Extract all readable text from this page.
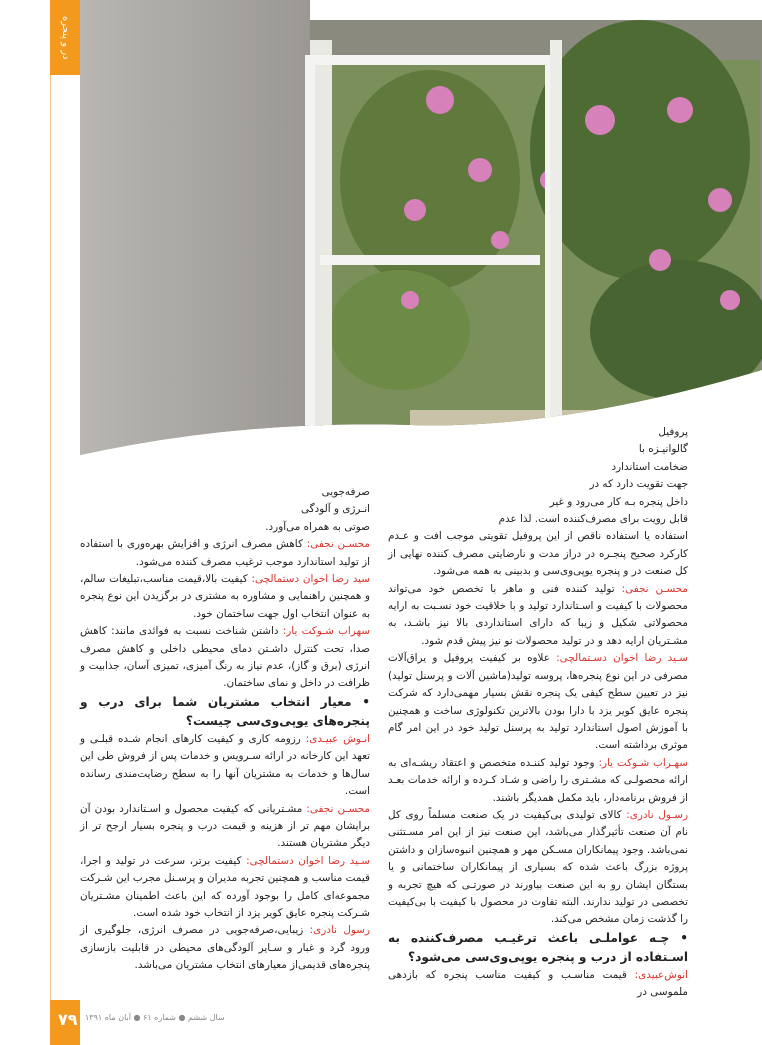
در و پنجره

پروفیل

گالوانیـزه با

ضخامت استاندارد

جهت تقویت دارد که در

داخل پنجره بـه کار می‌رود و غیر

قابل رویت برای مصرف‌کننده است. لذا عدم

استفاده یا استفاده ناقص از این پروفیل تقویتی موجب افت و عـدم کارکرد صحیح پنجـره در دراز مدت و نارضایتی مصرف کننده نهایی از کل صنعت در و پنجره یوپی‌وی‌سی و بدبینی به همه می‌شود.

محسـن نجفی: تولید کننده فنی و ماهر با تخصص خود می‌تواند محصولات با کیفیت و اسـتاندارد تولید و با خلاقیت خود نسـبت به ارایه محصولاتی شکیل و زیبا که دارای استانداردی بالا نیز باشـد، به مشـتریان ارایه دهد و در تولید محصولات نو نیز پیش قدم شود.

سـید رضا اخوان دسـتمالچی: علاوه بر کیفیت پروفیل و یراق‌آلات مصرفی در این نوع پنجره‌ها، پروسه تولید(ماشین آلات و پرسنل تولید) نیز در تعیین سطح کیفی یک پنجره نقش بسیار مهمی‌دارد که شرکت پنجره عایق کویر یزد با دارا بودن بالاترین تکنولوژی ساخت و همچنین با آموزش اصول استاندارد تولید به پرسنل تولید خود در این امر گام موثری برداشته است.

سهـراب شـوکت یار: وجود تولید کننـده متخصص و اعتقاد ریشـه‌ای به ارائه محصولـی که مشـتری را راضی و شـاد کـرده و ارائه خدمات بعـد از فروش برنامه‌دار، باید مکمل همدیگر باشند.

رسـول نادری: کالای تولیدی بی‌کیفیت در یک صنعت مسلماً روی کل نام آن صنعت تأثیرگذار می‌باشد، این صنعت نیز از این امر مسـتثنی نمی‌باشد. وجود پیمانکاران مسـکن مهر و همچنین انبوه‌سازان و داشتن پروژه بزرگ باعث شده که بسیاری از پیمانکاران ساختمانی و یا بستگان ایشان رو به این صنعت بیاورند در صورتـی که هیچ تجربه و تخصصی در تولید ندارند. البته تفاوت در محصول با کیفیت با بی‌کیفیت را گذشت زمان مشخص می‌کند.

• چـه عواملـی باعث ترغیـب مصرف‌کننده به اسـتفاده از درب و پنجره یوپی‌وی‌سی می‌شود؟

انوش‌عبیدی: قیمت مناسـب و کیفیت مناسب پنجره که بازدهی ملموسی در

صرفه‌جویی

انـرژی و آلودگی

صوتی به همراه می‌آورد.

محسـن نجفی: کاهش مصرف انرژی و افزایش بهره‌وری با استفاده از تولید استاندارد موجب ترغیب مصرف کننده می‌شود.

سید رضا اخوان دستمالچی: کیفیت بالا،قیمت مناسب،تبلیغات سالم، و همچنین راهنمایی و مشاوره به مشتری در برگزیدن این نوع پنجره به عنوان انتخاب اول جهت ساختمان خود.

سهراب شـوکت یار: داشتن شناخت نسبت به فوائدی مانند: کاهش صدا، تحت کنترل داشـتن دمای محیطی داخلی و کاهش مصرف انرژی (برق و گاز)، عدم نیاز به رنگ آمیزی، تمیزی آسان، جذابیت و ظرافت در داخل و نمای ساختمان.

• معیار انتخاب مشتریان شما برای درب و پنجره‌های یوپی‌وی‌سی چیست؟

انـوش عبیـدی: رزومه کاری و کیفیت کارهای انجام شـده قبلـی و تعهد این کارخانه در ارائه سـرویس و خدمات پس از فروش طی این سال‌ها و خدمات به مشتریان آنها را به سطح رضایت‌مندی رسانده است.

محسـن نجفی: مشـتریانی که کیفیت محصول و اسـتاندارد بودن آن برایشان مهم تر از هزینه و قیمت درب و پنجره بسیار ارجح تر از دیگر مشتریان هستند.

سـید رضا اخوان دستمالچی: کیفیت برتر، سرعت در تولید و اجرا، قیمت مناسب و همچنین تجربه مدیران و پرسـنل مجرب این شـرکت مجموعه‌ای کامل را بوجود آورده که این باعث اطمینان مشـتریان شـرکت پنجره عایق کویر یزد از انتخاب خود شده است.

رسول نادری: زیبایی،صرفه‌جویی در مصرف انرژی، جلوگیری از ورود گرد و غبار و سـایر آلودگی‌های محیطی در قابلیت بازسازی پنجره‌های قدیمی‌از معیارهای انتخاب مشتریان می‌باشد.

۷۹ سال ششم ● شماره ۶۱ ● آبان ماه ۱۳۹۱
